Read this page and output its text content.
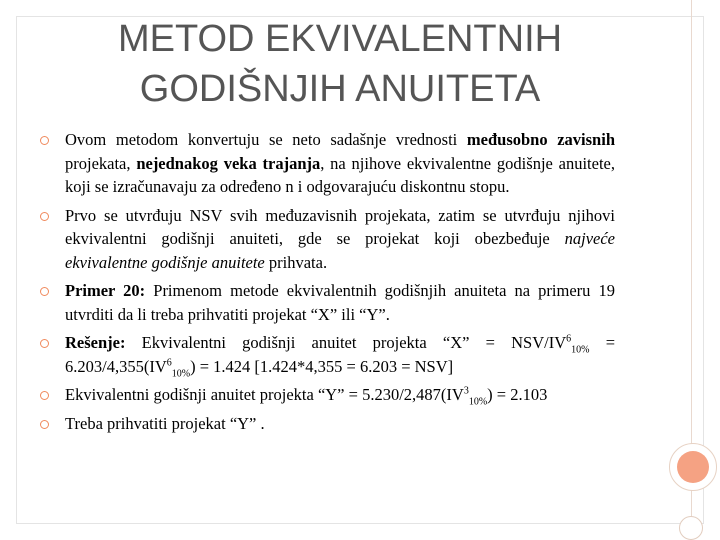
METOD EKVIVALENTNIH
GODIŠNJIH ANUITETA
Ovom metodom konvertuju se neto sadašnje vrednosti međusobno zavisnih projekata, nejednakog veka trajanja, na njihove ekvivalentne godišnje anuitete, koji se izračunavaju za određeno n i odgovarajuću diskontnu stopu.
Prvo se utvrđuju NSV svih međuzavisnih projekata, zatim se utvrđuju njihovi ekvivalentni godišnji anuiteti, gde se projekat koji obezbeđuje najveće ekvivalentne godišnje anuitete prihvata.
Primer 20: Primenom metode ekvivalentnih godišnjih anuiteta na primeru 19 utvrditi da li treba prihvatiti projekat “X” ili “Y”.
Rešenje: Ekvivalentni godišnji anuitet projekta “X” = NSV/$IV^6_{10\%} = 6.203/4,355(IV^6_{10\%}) = 1.424$ [1.424*4,355 = 6.203 = NSV]
Ekvivalentni godišnji anuitet projekta “Y” = $5.230/2,487(IV^3_{10\%}) = 2.103$
Treba prihvatiti projekat “Y” .
